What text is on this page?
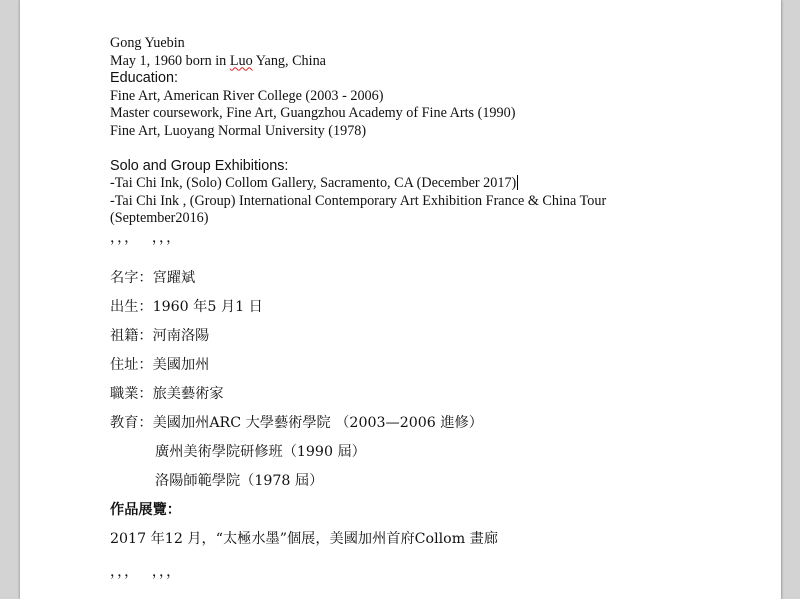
Gong Yuebin
May 1, 1960 born in Luo Yang, China
Education:
Fine Art, American River College (2003 - 2006)
Master coursework, Fine Art, Guangzhou Academy of Fine Arts (1990)
Fine Art, Luoyang Normal University (1978)
Solo and Group Exhibitions:
-Tai Chi Ink, (Solo) Collom Gallery, Sacramento, CA (December 2017)
-Tai Chi Ink , (Group) International Contemporary Art Exhibition France & China Tour
(September2016)
，，， ，，，
名字：宮躍斌
出生：1960 年5 月1 日
祖籍：河南洛陽
住址：美國加州
職業：旅美藝術家
教育：美國加州ARC 大學藝術學院 （2003—2006 進修）
廣州美術學院研修班（1990 屆）
洛陽師範學院（1978 屆）
作品展覽：
2017 年12 月，“太極水墨”個展，美國加州首府Collom 畫廊
，，， ，，，
